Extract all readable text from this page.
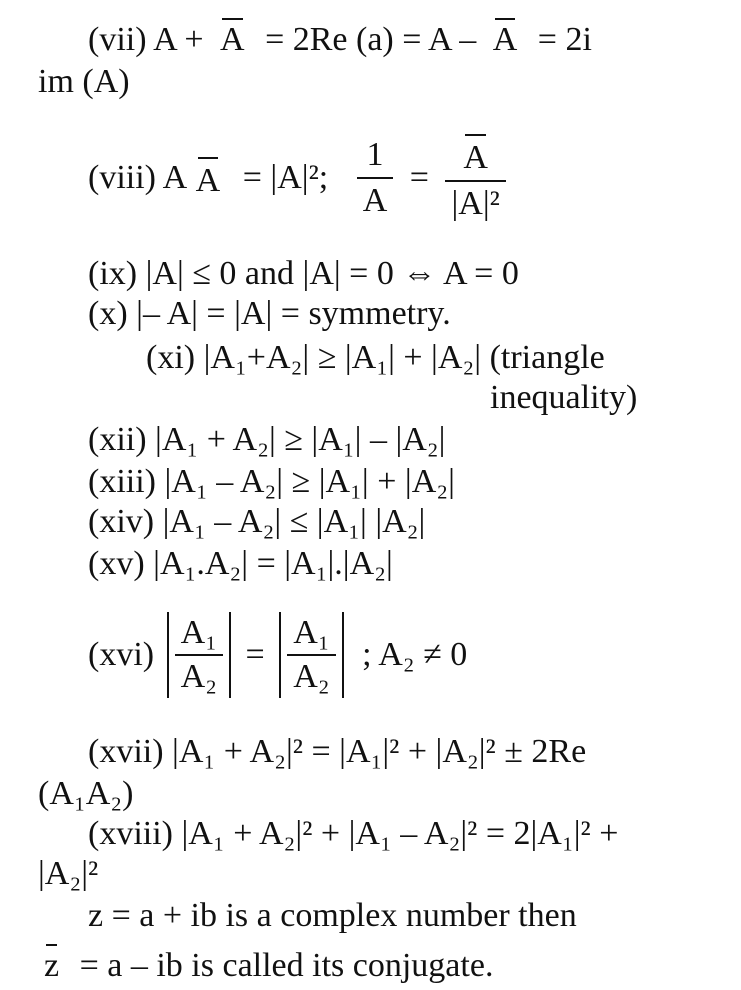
(vii) A + A = 2Re (a) = A – A = 2i
im (A)
(viii) A A = |A|²; $\frac{1}{A} = \frac{A}{\text{|A|²}}$
(ix) |A| ≤ 0 and |A| = 0 ⇔ A = 0
(x) |– A| = |A| = symmetry.
(xi) |A₁+A₂| ≥ |A₁| + |A₂| (triangle
inequality)
(xii) |A₁ + A₂| ≥ |A₁| – |A₂|
(xiii) |A₁ – A₂| ≥ |A₁| + |A₂|
(xiv) |A₁ – A₂| ≤ |A₁| |A₂|
(xv) |A₁.A₂| = |A₁|.|A₂|
$(xvi) \frac{\text{A₁}}{\text{A₂}} = \frac{\text{A₁}}{\text{A₂}}$ ; A₂ ≠ 0
(xvii) |A₁ + A₂|² = |A₁|² + |A₂|² ± 2Re
(A₁A₂)
(xviii) |A₁ + A₂|² + |A₁ – A₂|² = 2|A₁|² +
|A₂|²
z = a + ib is a complex number then
z = a – ib is called its conjugate.
